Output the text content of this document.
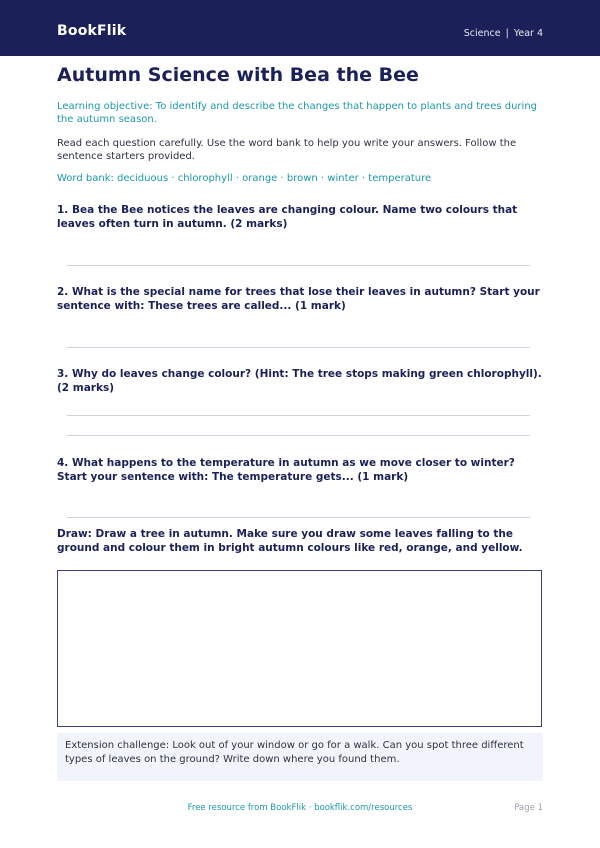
BookFlik	Science | Year 4
Autumn Science with Bea the Bee
Learning objective: To identify and describe the changes that happen to plants and trees during the autumn season.
Read each question carefully. Use the word bank to help you write your answers. Follow the sentence starters provided.
Word bank: deciduous · chlorophyll · orange · brown · winter · temperature
1. Bea the Bee notices the leaves are changing colour. Name two colours that leaves often turn in autumn. (2 marks)
2. What is the special name for trees that lose their leaves in autumn? Start your sentence with: These trees are called... (1 mark)
3. Why do leaves change colour? (Hint: The tree stops making green chlorophyll). (2 marks)
4. What happens to the temperature in autumn as we move closer to winter? Start your sentence with: The temperature gets... (1 mark)
Draw: Draw a tree in autumn. Make sure you draw some leaves falling to the ground and colour them in bright autumn colours like red, orange, and yellow.
Extension challenge: Look out of your window or go for a walk. Can you spot three different types of leaves on the ground? Write down where you found them.
Free resource from BookFlik · bookflik.com/resources	Page 1
